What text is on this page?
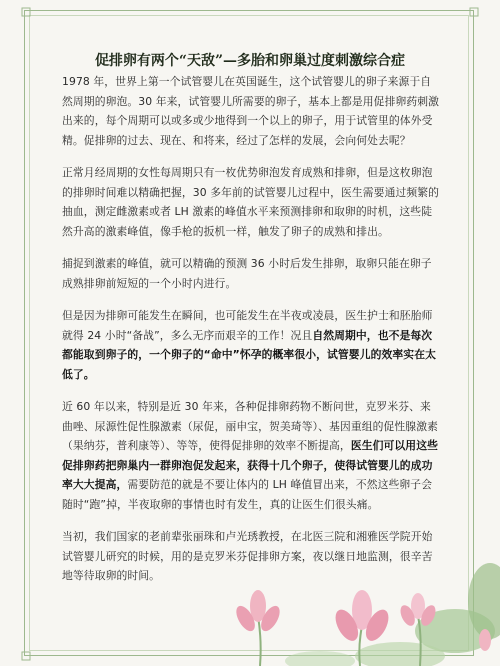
促排卵有两个“天敌”—多胎和卵巢过度刺激综合症

1978 年，世界上第一个试管婴儿在英国诞生，这个试管婴儿的卵子来源于自然周期的卵泡。30 年来，试管婴儿所需要的卵子，基本上都是用促排卵药刺激出来的，每个周期可以或多或少地得到一个以上的卵子，用于试管里的体外受精。促排卵的过去、现在、和将来，经过了怎样的发展，会向何处去呢？

正常月经周期的女性每周期只有一枚优势卵泡发育成熟和排卵，但是这枚卵泡的排卵时间难以精确把握，30 多年前的试管婴儿过程中，医生需要通过频繁的抽血，测定雌激素或者 LH 激素的峰值水平来预测排卵和取卵的时机，这些陡然升高的激素峰值，像手枪的扳机一样，触发了卵子的成熟和排出。

捕捉到激素的峰值，就可以精确的预测 36 小时后发生排卵，取卵只能在卵子成熟排卵前短短的一个小时内进行。

但是因为排卵可能发生在瞬间，也可能发生在半夜或凌晨，医生护士和胚胎师就得 24 小时“备战”，多么无序而艰辛的工作！况且自然周期中，也不是每次都能取到卵子的，一个卵子的“命中”怀孕的概率很小，试管婴儿的效率实在太低了。

近 60 年以来，特别是近 30 年来，各种促排卵药物不断问世，克罗米芬、来曲唑、尿源性促性腺激素（尿促，丽申宝，贺美琦等）、基因重组的促性腺激素（果纳芬，普利康等）、等等，使得促排卵的效率不断提高，医生们可以用这些促排卵药把卵巢内一群卵泡促发起来，获得十几个卵子，使得试管婴儿的成功率大大提高，需要防范的就是不要让体内的 LH 峰值冒出来，不然这些卵子会随时“跑”掉，半夜取卵的事情也时有发生，真的让医生们很头痛。

当初，我们国家的老前辈张丽珠和卢光琇教授，在北医三院和湘雅医学院开始试管婴儿研究的时候，用的是克罗米芬促排卵方案，夜以继日地监测，很辛苦地等待取卵的时间。
